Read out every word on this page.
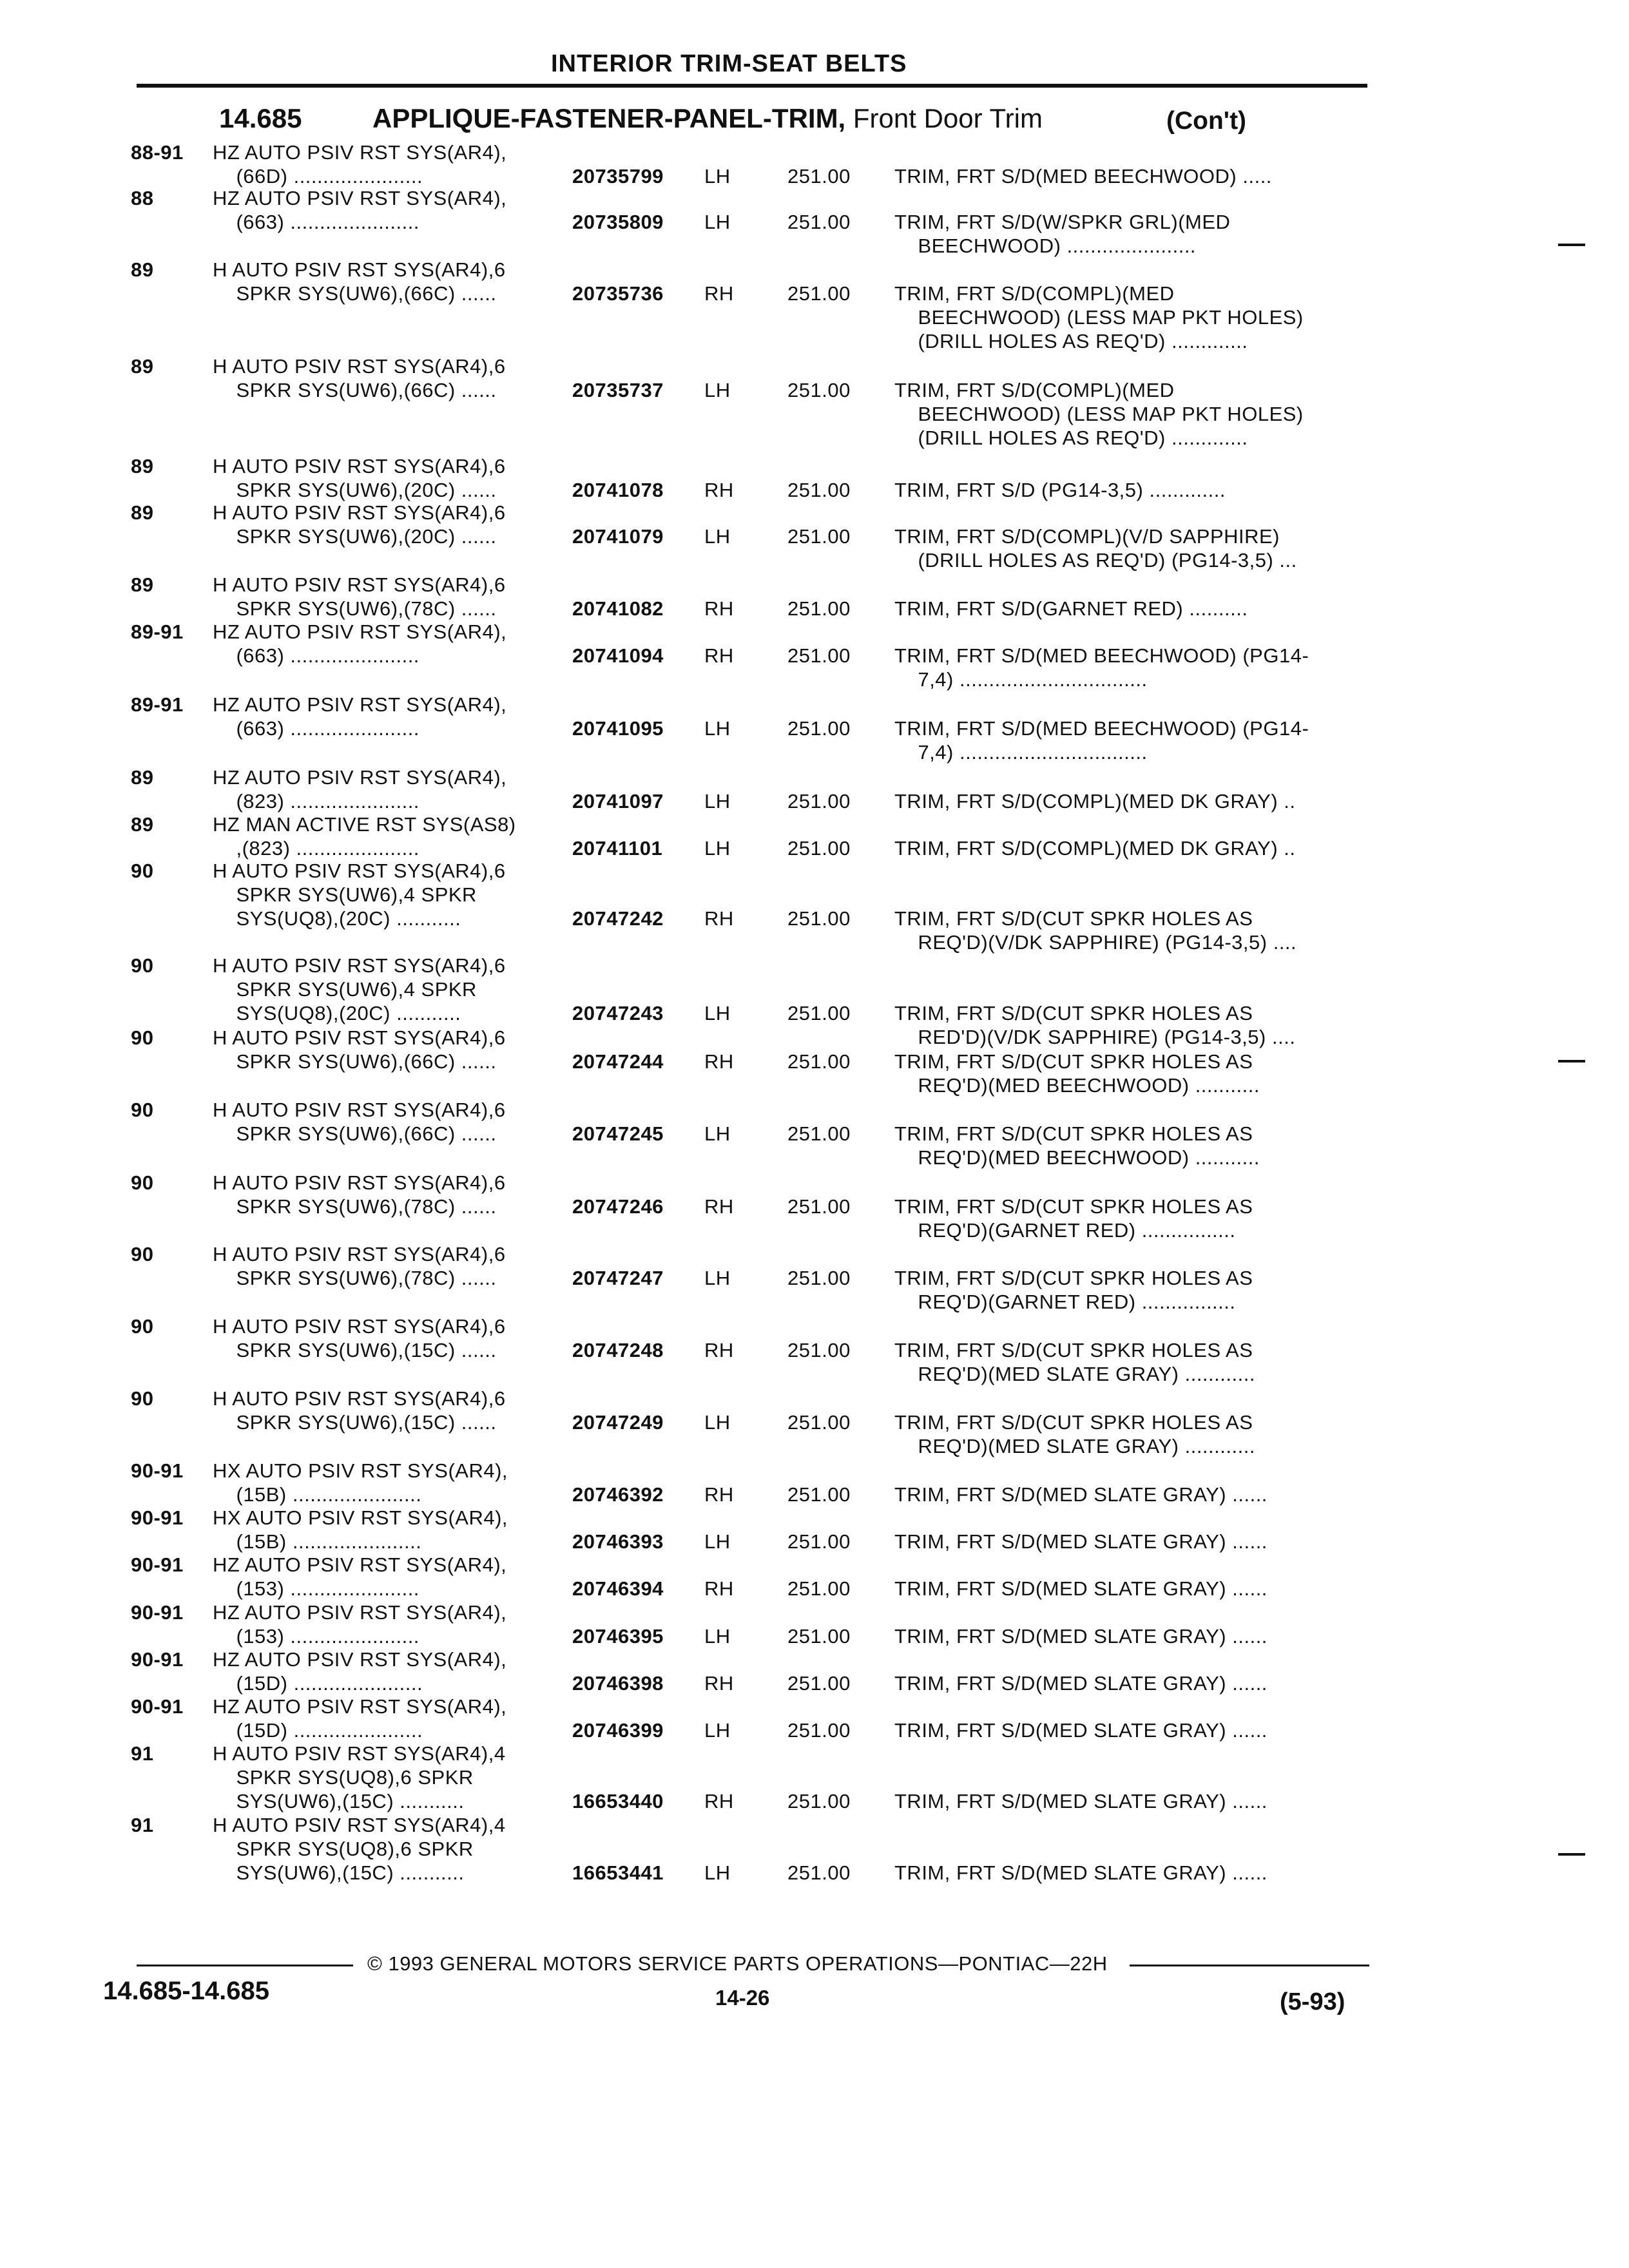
INTERIOR TRIM-SEAT BELTS
14.685	APPLIQUE-FASTENER-PANEL-TRIM, Front Door Trim	(Con't)
88-91 HZ AUTO PSIV RST SYS(AR4),
(66D) ......................	20735799 LH	251.00 TRIM, FRT S/D(MED BEECHWOOD) .....
88	HZ AUTO PSIV RST SYS(AR4),
(663) ......................	20735809 LH	251.00 TRIM, FRT S/D(W/SPKR GRL)(MED
BEECHWOOD) ......................
89	H AUTO PSIV RST SYS(AR4),6
SPKR SYS(UW6),(66C) ......	20735736 RH	251.00 TRIM, FRT S/D(COMPL)(MED
BEECHWOOD) (LESS MAP PKT HOLES)
(DRILL HOLES AS REQ'D) .............
89	H AUTO PSIV RST SYS(AR4),6
SPKR SYS(UW6),(66C) ......	20735737 LH	251.00 TRIM, FRT S/D(COMPL)(MED
BEECHWOOD) (LESS MAP PKT HOLES)
(DRILL HOLES AS REQ'D) .............
89	H AUTO PSIV RST SYS(AR4),6
SPKR SYS(UW6),(20C) ......	20741078 RH	251.00 TRIM, FRT S/D (PG14-3,5) .............
89	H AUTO PSIV RST SYS(AR4),6
SPKR SYS(UW6),(20C) ......	20741079 LH	251.00 TRIM, FRT S/D(COMPL)(V/D SAPPHIRE)
(DRILL HOLES AS REQ'D) (PG14-3,5) ...
89	H AUTO PSIV RST SYS(AR4),6
SPKR SYS(UW6),(78C) ......	20741082 RH	251.00 TRIM, FRT S/D(GARNET RED) ..........
89-91 HZ AUTO PSIV RST SYS(AR4),
(663) ......................	20741094 RH	251.00 TRIM, FRT S/D(MED BEECHWOOD) (PG14-
7,4) ................................
89-91 HZ AUTO PSIV RST SYS(AR4),
(663) ......................	20741095 LH	251.00 TRIM, FRT S/D(MED BEECHWOOD) (PG14-
7,4) ................................
89	HZ AUTO PSIV RST SYS(AR4),
(823) ......................	20741097 LH	251.00 TRIM, FRT S/D(COMPL)(MED DK GRAY) ..
89	HZ MAN ACTIVE RST SYS(AS8)
,(823) .....................	20741101 LH	251.00 TRIM, FRT S/D(COMPL)(MED DK GRAY) ..
90	H AUTO PSIV RST SYS(AR4),6
SPKR SYS(UW6),4 SPKR
SYS(UQ8),(20C) ...........	20747242 RH	251.00 TRIM, FRT S/D(CUT SPKR HOLES AS
REQ'D)(V/DK SAPPHIRE) (PG14-3,5) ....
90	H AUTO PSIV RST SYS(AR4),6
SPKR SYS(UW6),4 SPKR
SYS(UQ8),(20C) ...........	20747243 LH	251.00 TRIM, FRT S/D(CUT SPKR HOLES AS
RED'D)(V/DK SAPPHIRE) (PG14-3,5) ....
90	H AUTO PSIV RST SYS(AR4),6
SPKR SYS(UW6),(66C) ......	20747244 RH	251.00 TRIM, FRT S/D(CUT SPKR HOLES AS
REQ'D)(MED BEECHWOOD) ...........
90	H AUTO PSIV RST SYS(AR4),6
SPKR SYS(UW6),(66C) ......	20747245 LH	251.00 TRIM, FRT S/D(CUT SPKR HOLES AS
REQ'D)(MED BEECHWOOD) ...........
90	H AUTO PSIV RST SYS(AR4),6
SPKR SYS(UW6),(78C) ......	20747246 RH	251.00 TRIM, FRT S/D(CUT SPKR HOLES AS
REQ'D)(GARNET RED) ................
90	H AUTO PSIV RST SYS(AR4),6
SPKR SYS(UW6),(78C) ......	20747247 LH	251.00 TRIM, FRT S/D(CUT SPKR HOLES AS
REQ'D)(GARNET RED) ................
90	H AUTO PSIV RST SYS(AR4),6
SPKR SYS(UW6),(15C) ......	20747248 RH	251.00 TRIM, FRT S/D(CUT SPKR HOLES AS
REQ'D)(MED SLATE GRAY) ............
90	H AUTO PSIV RST SYS(AR4),6
SPKR SYS(UW6),(15C) ......	20747249 LH	251.00 TRIM, FRT S/D(CUT SPKR HOLES AS
REQ'D)(MED SLATE GRAY) ............
90-91 HX AUTO PSIV RST SYS(AR4),
(15B) ......................	20746392 RH	251.00 TRIM, FRT S/D(MED SLATE GRAY) ......
90-91 HX AUTO PSIV RST SYS(AR4),
(15B) ......................	20746393 LH	251.00 TRIM, FRT S/D(MED SLATE GRAY) ......
90-91 HZ AUTO PSIV RST SYS(AR4),
(153) ......................	20746394 RH	251.00 TRIM, FRT S/D(MED SLATE GRAY) ......
90-91 HZ AUTO PSIV RST SYS(AR4),
(153) ......................	20746395 LH	251.00 TRIM, FRT S/D(MED SLATE GRAY) ......
90-91 HZ AUTO PSIV RST SYS(AR4),
(15D) ......................	20746398 RH	251.00 TRIM, FRT S/D(MED SLATE GRAY) ......
90-91 HZ AUTO PSIV RST SYS(AR4),
(15D) ......................	20746399 LH	251.00 TRIM, FRT S/D(MED SLATE GRAY) ......
91	H AUTO PSIV RST SYS(AR4),4
SPKR SYS(UQ8),6 SPKR
SYS(UW6),(15C) ...........	16653440 RH	251.00 TRIM, FRT S/D(MED SLATE GRAY) ......
91	H AUTO PSIV RST SYS(AR4),4
SPKR SYS(UQ8),6 SPKR
SYS(UW6),(15C) ...........	16653441 LH	251.00 TRIM, FRT S/D(MED SLATE GRAY) ......
© 1993 GENERAL MOTORS SERVICE PARTS OPERATIONS—PONTIAC—22H
14.685-14.685	14-26	(5-93)
